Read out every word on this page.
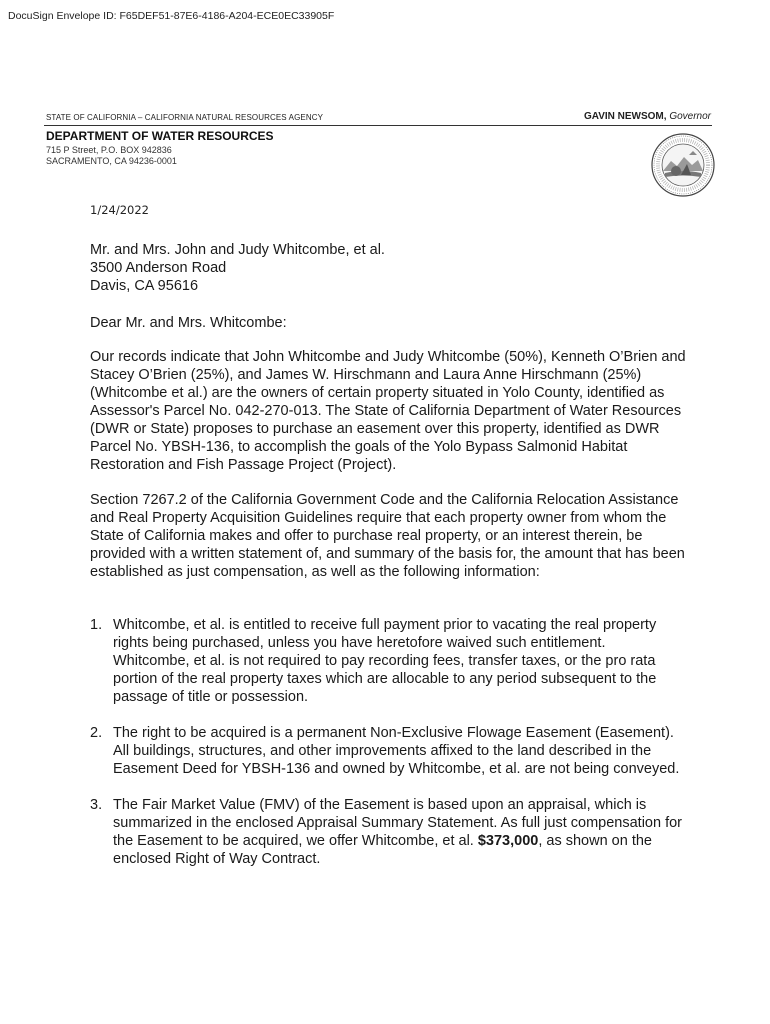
DocuSign Envelope ID: F65DEF51-87E6-4186-A204-ECE0EC33905F
STATE OF CALIFORNIA – CALIFORNIA NATURAL RESOURCES AGENCY	GAVIN NEWSOM, Governor
DEPARTMENT OF WATER RESOURCES
715 P Street, P.O. BOX 942836
SACRAMENTO, CA 94236-0001
1/24/2022
Mr. and Mrs. John and Judy Whitcombe, et al.
3500 Anderson Road
Davis, CA 95616
Dear Mr. and Mrs. Whitcombe:
Our records indicate that John Whitcombe and Judy Whitcombe (50%), Kenneth O’Brien and Stacey O’Brien (25%), and James W. Hirschmann and Laura Anne Hirschmann (25%) (Whitcombe et al.) are the owners of certain property situated in Yolo County, identified as Assessor's Parcel No. 042-270-013. The State of California Department of Water Resources (DWR or State) proposes to purchase an easement over this property, identified as DWR Parcel No. YBSH-136, to accomplish the goals of the Yolo Bypass Salmonid Habitat Restoration and Fish Passage Project (Project).
Section 7267.2 of the California Government Code and the California Relocation Assistance and Real Property Acquisition Guidelines require that each property owner from whom the State of California makes and offer to purchase real property, or an interest therein, be provided with a written statement of, and summary of the basis for, the amount that has been established as just compensation, as well as the following information:
1. Whitcombe, et al. is entitled to receive full payment prior to vacating the real property rights being purchased, unless you have heretofore waived such entitlement. Whitcombe, et al. is not required to pay recording fees, transfer taxes, or the pro rata portion of the real property taxes which are allocable to any period subsequent to the passage of title or possession.
2. The right to be acquired is a permanent Non-Exclusive Flowage Easement (Easement). All buildings, structures, and other improvements affixed to the land described in the Easement Deed for YBSH-136 and owned by Whitcombe, et al. are not being conveyed.
3. The Fair Market Value (FMV) of the Easement is based upon an appraisal, which is summarized in the enclosed Appraisal Summary Statement. As full just compensation for the Easement to be acquired, we offer Whitcombe, et al. $373,000, as shown on the enclosed Right of Way Contract.
